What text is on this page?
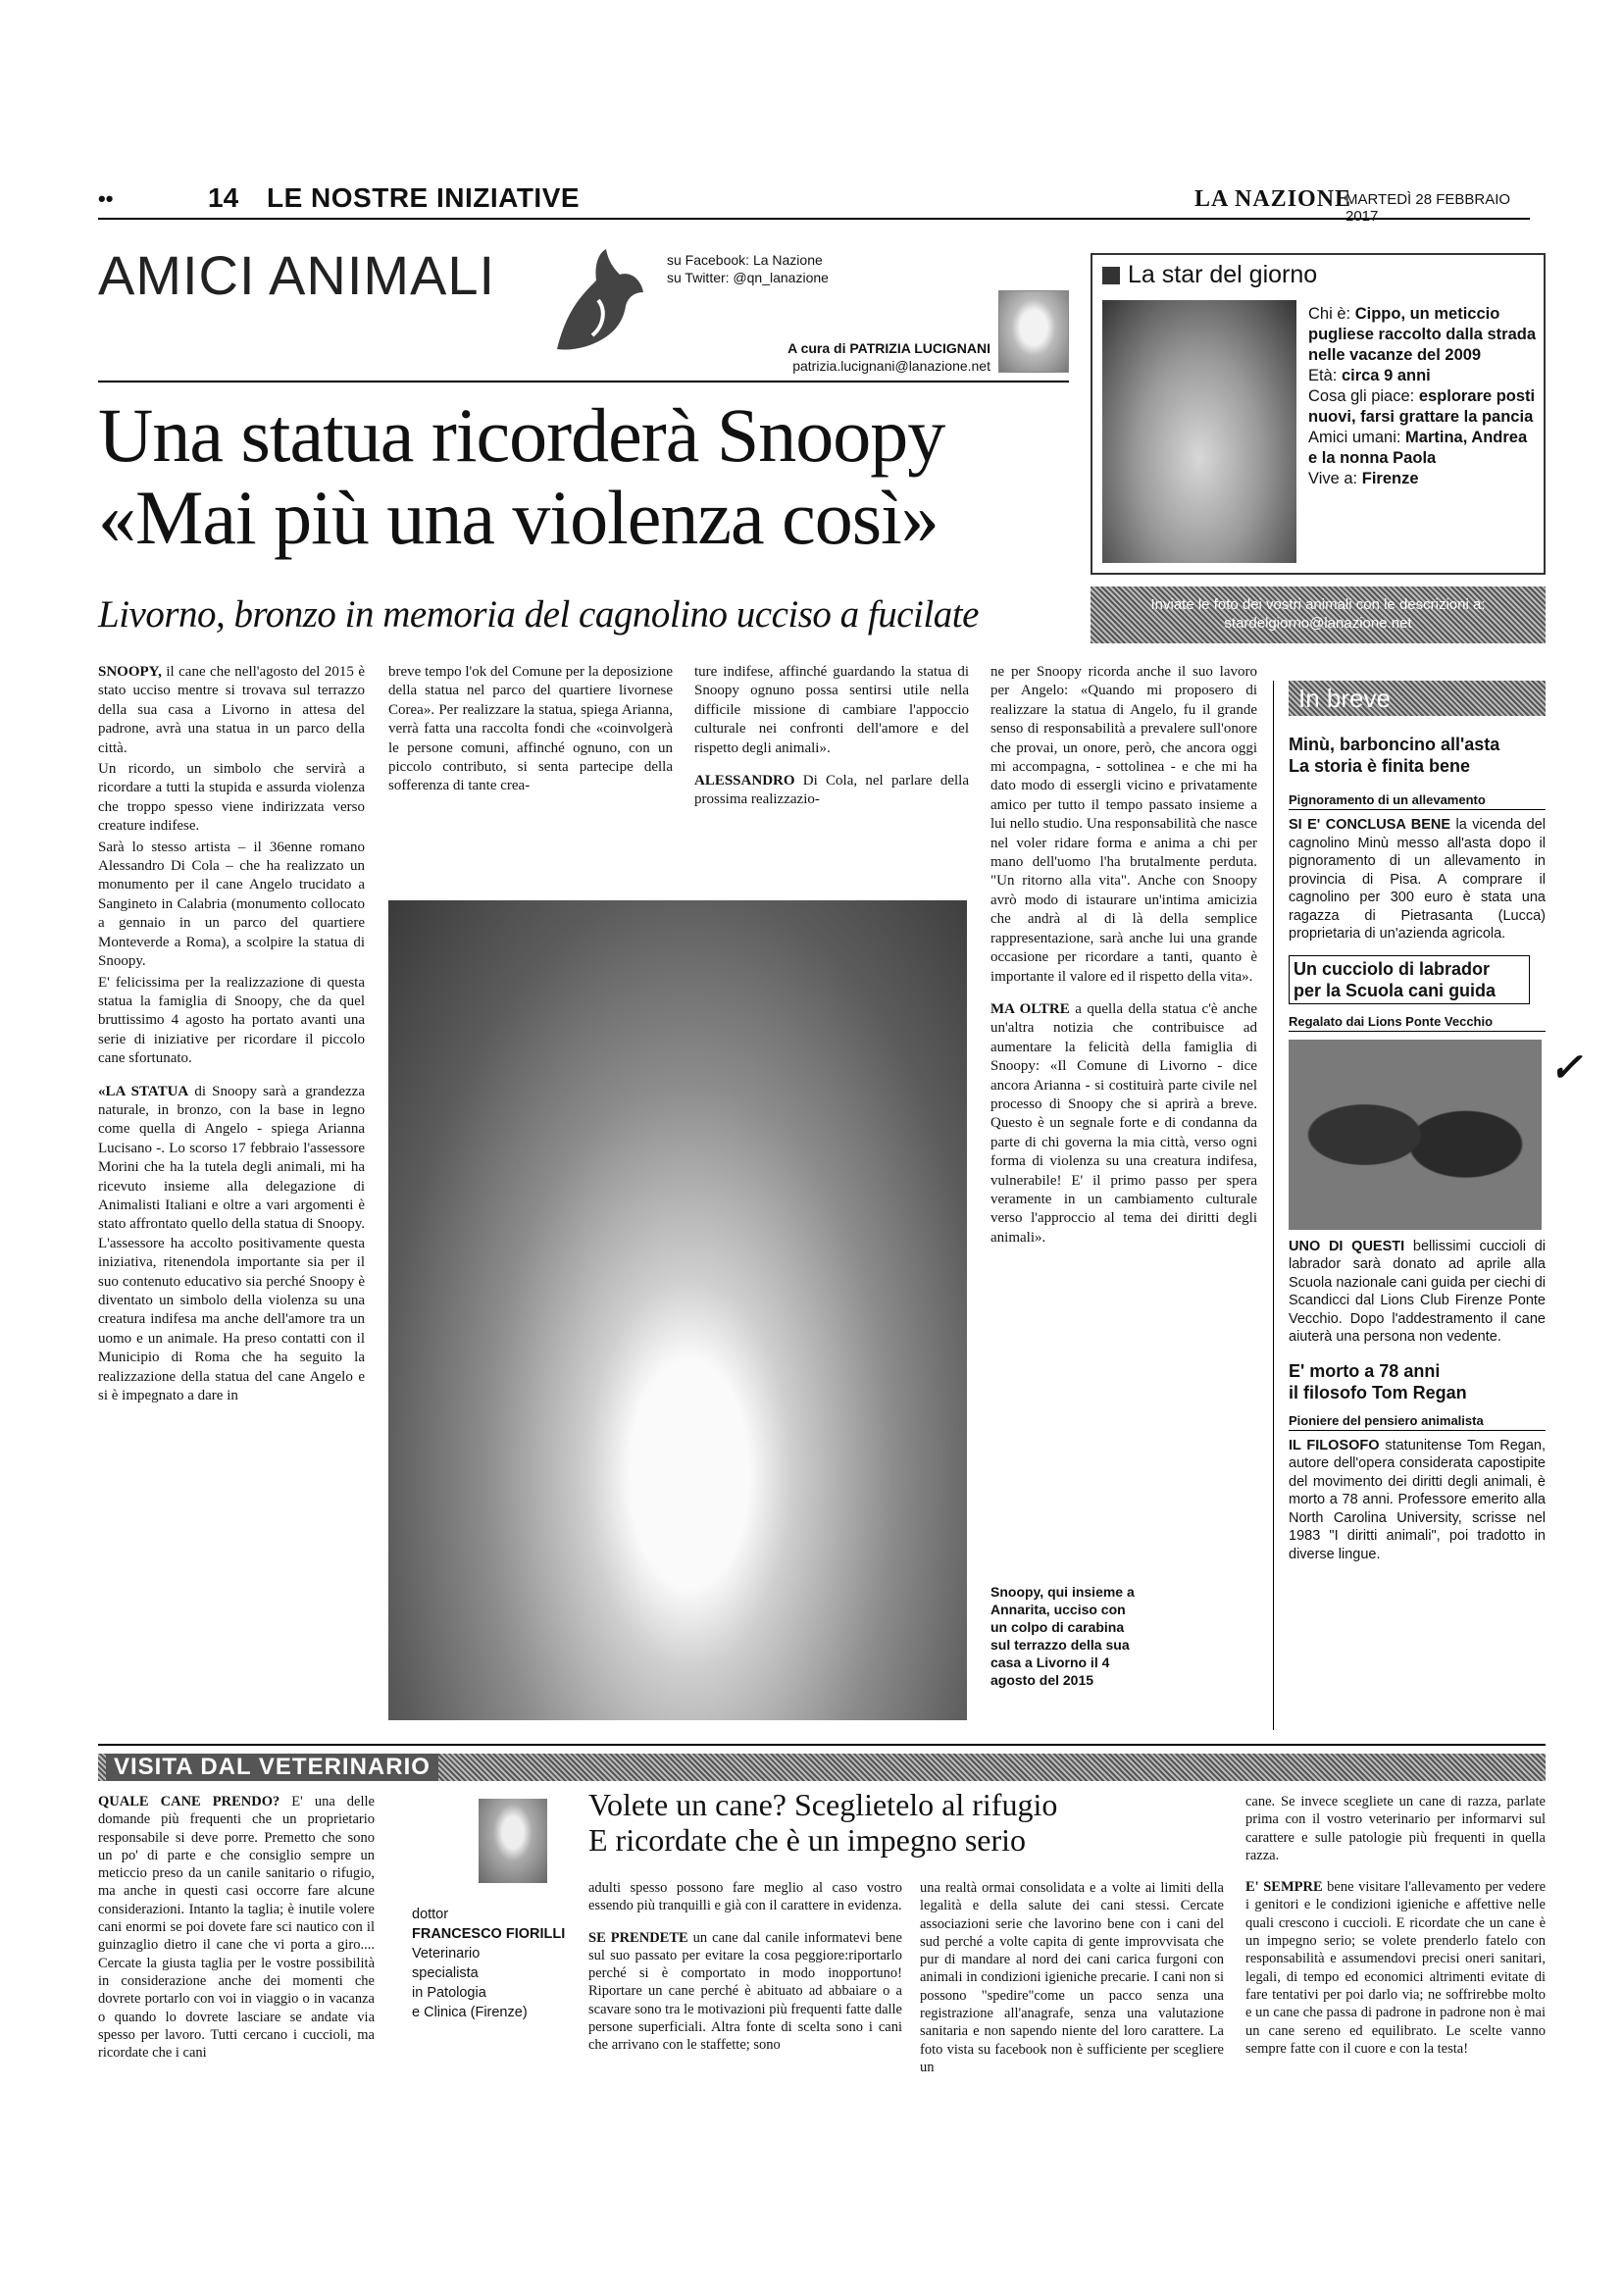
••	14 LE NOSTRE INIZIATIVE	LA NAZIONE
MARTEDÌ 28 FEBBRAIO 2017
AMICI ANIMALI	su Facebook: La Nazione
su Twitter: @qn_lanazione
A cura di PATRIZIA LUCIGNANI
patrizia.lucignani@lanazione.net
Una statua ricorderà Snoopy
«Mai più una violenza così»
Livorno, bronzo in memoria del cagnolino ucciso a fucilate
La star del giorno
Chi è: Cippo, un meticcio pugliese raccolto dalla strada nelle vacanze del 2009
Età: circa 9 anni
Cosa gli piace: esplorare posti nuovi, farsi grattare la pancia
Amici umani: Martina, Andrea e la nonna Paola
Vive a: Firenze
Inviate le foto dei vostri animali con le descrizioni a:
stardelgiorno@lanazione.net

SNOOPY, il cane che nell'agosto del 2015 è stato ucciso mentre si trovava sul terrazzo della sua casa a Livorno in attesa del padrone, avrà una statua in un parco della città.

Un ricordo, un simbolo che servirà a ricordare a tutti la stupida e assurda violenza che troppo spesso viene indirizzata verso creature indifese.

Sarà lo stesso artista – il 36enne romano Alessandro Di Cola – che ha realizzato un monumento per il cane Angelo trucidato a Sangineto in Calabria (monumento collocato a gennaio in un parco del quartiere Monteverde a Roma), a scolpire la statua di Snoopy.

E' felicissima per la realizzazione di questa statua la famiglia di Snoopy, che da quel bruttissimo 4 agosto ha portato avanti una serie di iniziative per ricordare il piccolo cane sfortunato.

«LA STATUA di Snoopy sarà a grandezza naturale, in bronzo, con la base in legno come quella di Angelo - spiega Arianna Lucisano -. Lo scorso 17 febbraio l'assessore Morini che ha la tutela degli animali, mi ha ricevuto insieme alla delegazione di Animalisti Italiani e oltre a vari argomenti è stato affrontato quello della statua di Snoopy. L'assessore ha accolto positivamente questa iniziativa, ritenendola importante sia per il suo contenuto educativo sia perché Snoopy è diventato un simbolo della violenza su una creatura indifesa ma anche dell'amore tra un uomo e un animale. Ha preso contatti con il Municipio di Roma che ha seguito la realizzazione della statua del cane Angelo e si è impegnato a dare in

breve tempo l'ok del Comune per la deposizione della statua nel parco del quartiere livornese Corea». Per realizzare la statua, spiega Arianna, verrà fatta una raccolta fondi che «coinvolgerà le persone comuni, affinché ognuno, con un piccolo contributo, si senta partecipe della sofferenza di tante crea-

ture indifese, affinché guardando la statua di Snoopy ognuno possa sentirsi utile nella difficile missione di cambiare l'appoccio culturale nei confronti dell'amore e del rispetto degli animali».

ALESSANDRO Di Cola, nel parlare della prossima realizzazio-

ne per Snoopy ricorda anche il suo lavoro per Angelo: «Quando mi proposero di realizzare la statua di Angelo, fu il grande senso di responsabilità a prevalere sull'onore che provai, un onore, però, che ancora oggi mi accompagna, - sottolinea - e che mi ha dato modo di essergli vicino e privatamente amico per tutto il tempo passato insieme a lui nello studio. Una responsabilità che nasce nel voler ridare forma e anima a chi per mano dell'uomo l'ha brutalmente perduta. "Un ritorno alla vita". Anche con Snoopy avrò modo di istaurare un'intima amicizia che andrà al di là della semplice rappresentazione, sarà anche lui una grande occasione per ricordare a tanti, quanto è importante il valore ed il rispetto della vita».

MA OLTRE a quella della statua c'è anche un'altra notizia che contribuisce ad aumentare la felicità della famiglia di Snoopy: «Il Comune di Livorno - dice ancora Arianna - si costituirà parte civile nel processo di Snoopy che si aprirà a breve. Questo è un segnale forte e di condanna da parte di chi governa la mia città, verso ogni forma di violenza su una creatura indifesa, vulnerabile! E' il primo passo per spera veramente in un cambiamento culturale verso l'approccio al tema dei diritti degli animali».

Snoopy, qui insieme a Annarita, ucciso con un colpo di carabina sul terrazzo della sua casa a Livorno il 4 agosto del 2015
In breve

Minù, barboncino all'asta
La storia è finita bene

Pignoramento di un allevamento

SI E' CONCLUSA BENE la vicenda del cagnolino Minù messo all'asta dopo il pignoramento di un allevamento in provincia di Pisa. A comprare il cagnolino per 300 euro è stata una ragazza di Pietrasanta (Lucca) proprietaria di un'azienda agricola.

Un cucciolo di labrador
per la Scuola cani guida

Regalato dai Lions Ponte Vecchio

UNO DI QUESTI bellissimi cuccioli di labrador sarà donato ad aprile alla Scuola nazionale cani guida per ciechi di Scandicci dal Lions Club Firenze Ponte Vecchio. Dopo l'addestramento il cane aiuterà una persona non vedente.

E' morto a 78 anni
il filosofo Tom Regan

Pioniere del pensiero animalista

IL FILOSOFO statunitense Tom Regan, autore dell'opera considerata capostipite del movimento dei diritti degli animali, è morto a 78 anni. Professore emerito alla North Carolina University, scrisse nel 1983 "I diritti animali", poi tradotto in diverse lingue.

✓
VISITA DAL VETERINARIO

QUALE CANE PRENDO? E' una delle domande più frequenti che un proprietario responsabile si deve porre. Premetto che sono un po' di parte e che consiglio sempre un meticcio preso da un canile sanitario o rifugio, ma anche in questi casi occorre fare alcune considerazioni. Intanto la taglia; è inutile volere cani enormi se poi dovete fare sci nautico con il guinzaglio dietro il cane che vi porta a giro.... Cercate la giusta taglia per le vostre possibilità in considerazione anche dei momenti che dovrete portarlo con voi in viaggio o in vacanza o quando lo dovrete lasciare se andate via spesso per lavoro. Tutti cercano i cuccioli, ma ricordate che i cani

dottor
FRANCESCO FIORILLI
Veterinario
specialista
in Patologia
e Clinica (Firenze)
Volete un cane? Sceglietelo al rifugio
E ricordate che è un impegno serio

adulti spesso possono fare meglio al caso vostro essendo più tranquilli e già con il carattere in evidenza.

SE PRENDETE un cane dal canile informatevi bene sul suo passato per evitare la cosa peggiore:riportarlo perché si è comportato in modo inopportuno! Riportare un cane perché è abituato ad abbaiare o a scavare sono tra le motivazioni più frequenti fatte dalle persone superficiali. Altra fonte di scelta sono i cani che arrivano con le staffette; sono

una realtà ormai consolidata e a volte ai limiti della legalità e della salute dei cani stessi. Cercate associazioni serie che lavorino bene con i cani del sud perché a volte capita di gente improvvisata che pur di mandare al nord dei cani carica furgoni con animali in condizioni igieniche precarie. I cani non si possono "spedire"come un pacco senza una registrazione all'anagrafe, senza una valutazione sanitaria e non sapendo niente del loro carattere. La foto vista su facebook non è sufficiente per scegliere un

cane. Se invece scegliete un cane di razza, parlate prima con il vostro veterinario per informarvi sul carattere e sulle patologie più frequenti in quella razza.

E' SEMPRE bene visitare l'allevamento per vedere i genitori e le condizioni igieniche e affettive nelle quali crescono i cuccioli. E ricordate che un cane è un impegno serio; se volete prenderlo fatelo con responsabilità e assumendovi precisi oneri sanitari, legali, di tempo ed economici altrimenti evitate di fare tentativi per poi darlo via; ne soffrirebbe molto e un cane che passa di padrone in padrone non è mai un cane sereno ed equilibrato. Le scelte vanno sempre fatte con il cuore e con la testa!
